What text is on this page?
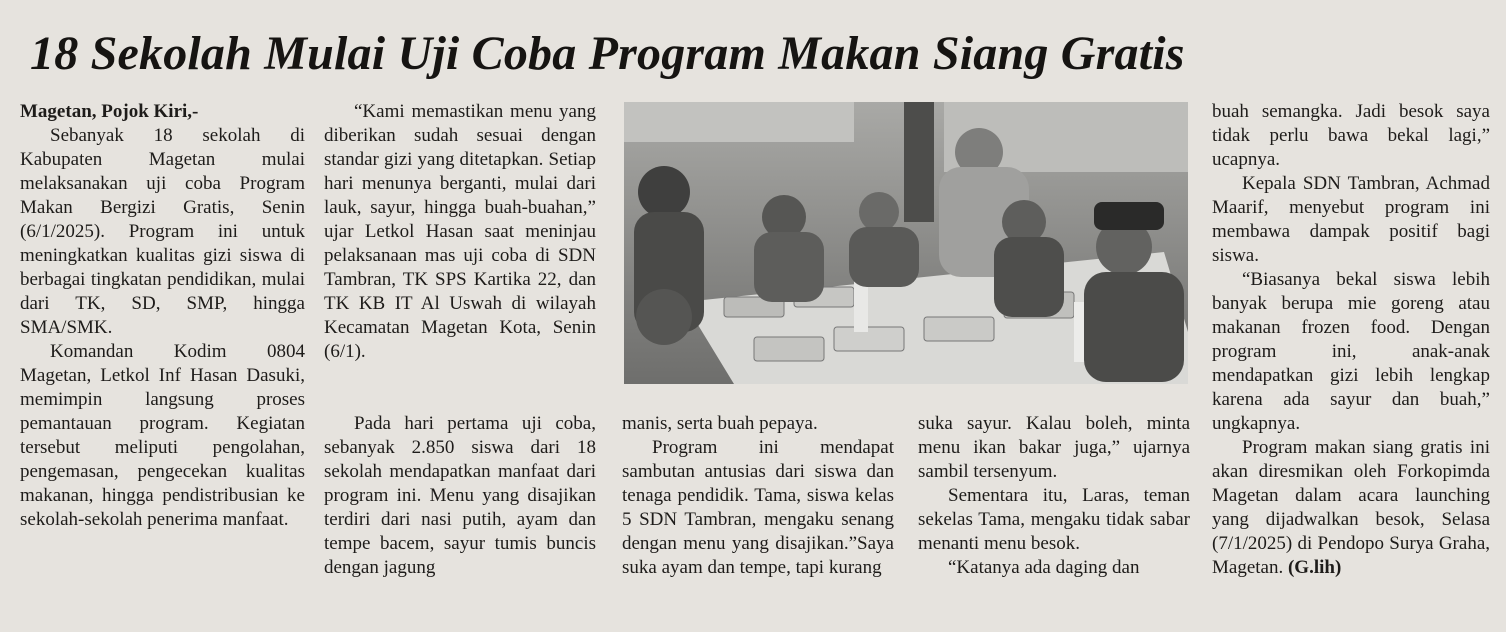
18 Sekolah Mulai Uji Coba Program Makan Siang Gratis

Magetan, Pojok Kiri,-

Sebanyak 18 sekolah di Kabupaten Magetan mulai melaksanakan uji coba Program Makan Bergizi Gratis, Senin (6/1/2025). Program ini untuk meningkatkan kualitas gizi siswa di berbagai tingkatan pendidikan, mulai dari TK, SD, SMP, hingga SMA/SMK.

Komandan Kodim 0804 Magetan, Letkol Inf Hasan Dasuki, memimpin langsung proses pemantauan program. Kegiatan tersebut meliputi pengolahan, pengemasan, pengecekan kualitas makanan, hingga pendistribusian ke sekolah-sekolah penerima manfaat.

“Kami memastikan menu yang diberikan sudah sesuai dengan standar gizi yang ditetapkan. Setiap hari menunya berganti, mulai dari lauk, sayur, hingga buah-buahan,” ujar Letkol Hasan saat meninjau pelaksanaan mas uji coba di SDN Tambran, TK SPS Kartika 22, dan TK KB IT Al Uswah di wilayah Kecamatan Magetan Kota, Senin (6/1).

Pada hari pertama uji coba, sebanyak 2.850 siswa dari 18 sekolah mendapatkan manfaat dari program ini. Menu yang disajikan terdiri dari nasi putih, ayam dan tempe bacem, sayur tumis buncis dengan jagung

manis, serta buah pepaya.

Program ini mendapat sambutan antusias dari siswa dan tenaga pendidik. Tama, siswa kelas 5 SDN Tambran, mengaku senang dengan menu yang disajikan.”Saya suka ayam dan tempe, tapi kurang

suka sayur. Kalau boleh, minta menu ikan bakar juga,” ujarnya sambil tersenyum.

Sementara itu, Laras, teman sekelas Tama, mengaku tidak sabar menanti menu besok.

“Katanya ada daging dan

buah semangka. Jadi besok saya tidak perlu bawa bekal lagi,” ucapnya.

Kepala SDN Tambran, Achmad Maarif, menyebut program ini membawa dampak positif bagi siswa.

“Biasanya bekal siswa lebih banyak berupa mie goreng atau makanan frozen food. Dengan program ini, anak-anak mendapatkan gizi lebih lengkap karena ada sayur dan buah,” ungkapnya.

Program makan siang gratis ini akan diresmikan oleh Forkopimda Magetan dalam acara launching yang dijadwalkan besok, Selasa (7/1/2025) di Pendopo Surya Graha, Magetan. (G.lih)
